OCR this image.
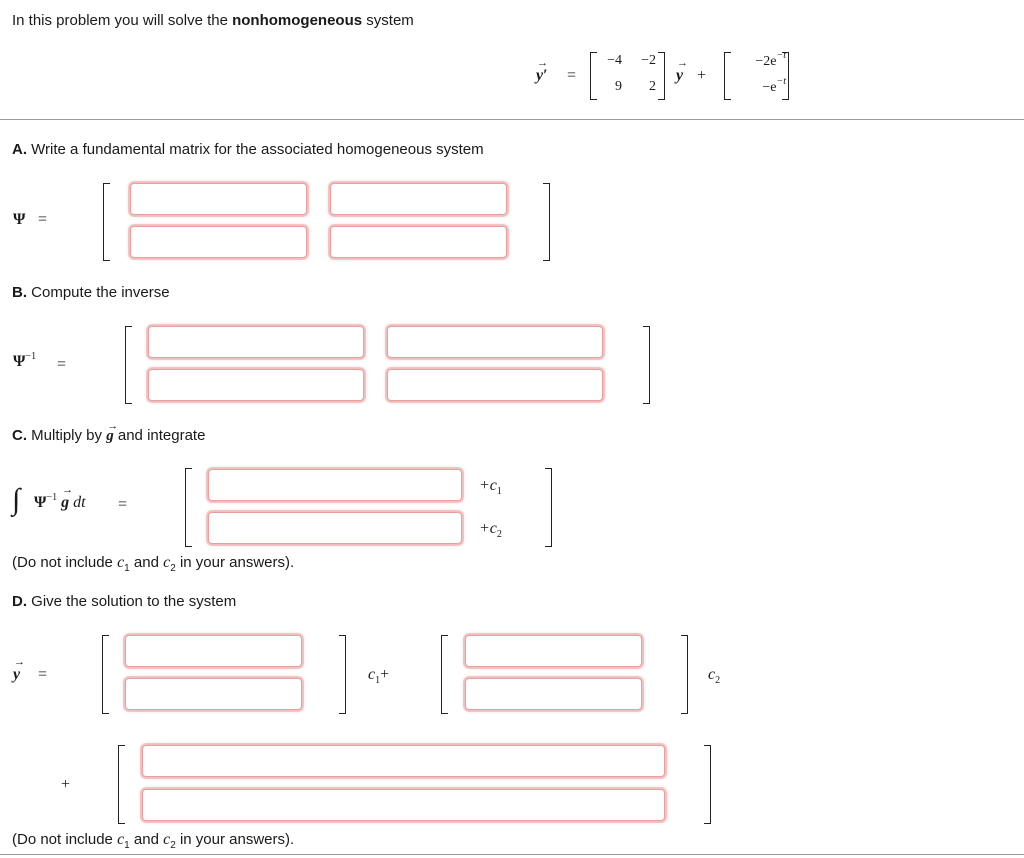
In this problem you will solve the nonhomogeneous system
→ y′ =
−4	−2
9	2
→ y +
$-2e^{-t}$
$-e^{-t}$
A. Write a fundamental matrix for the associated homogeneous system
Ψ =
B. Compute the inverse
$\Psi^{-1}$ =
C. Multiply by → g and integrate
∫ $\Psi^{-1} \to g$ dt =
$+c_1$
$+c_2$
(Do not include $c_1$ and $c_2$ in your answers).
D. Give the solution to the system
→ y =	$c_1+$	$c_2$
+
(Do not include $c_1$ and $c_2$ in your answers).
